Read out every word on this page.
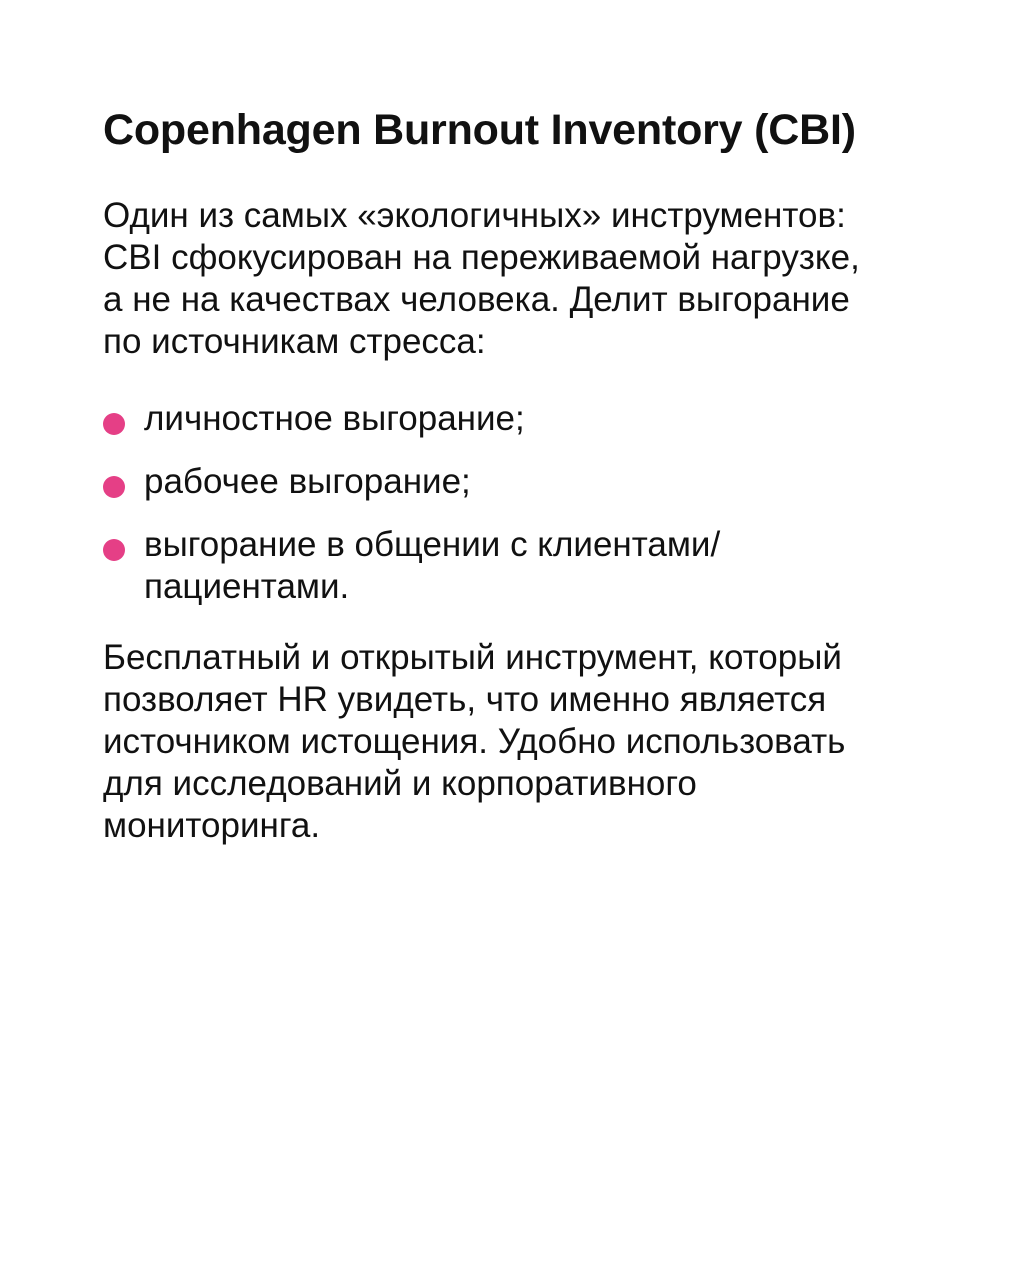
Copenhagen Burnout Inventory (CBI)

Один из самых «экологичных» инструментов:
CBI сфокусирован на переживаемой нагрузке,
а не на качествах человека. Делит выгорание
по источникам стресса:

личностное выгорание;
рабочее выгорание;
выгорание в общении с клиентами/
пациентами.

Бесплатный и открытый инструмент, который
позволяет HR увидеть, что именно является
источником истощения. Удобно использовать
для исследований и корпоративного
мониторинга.
